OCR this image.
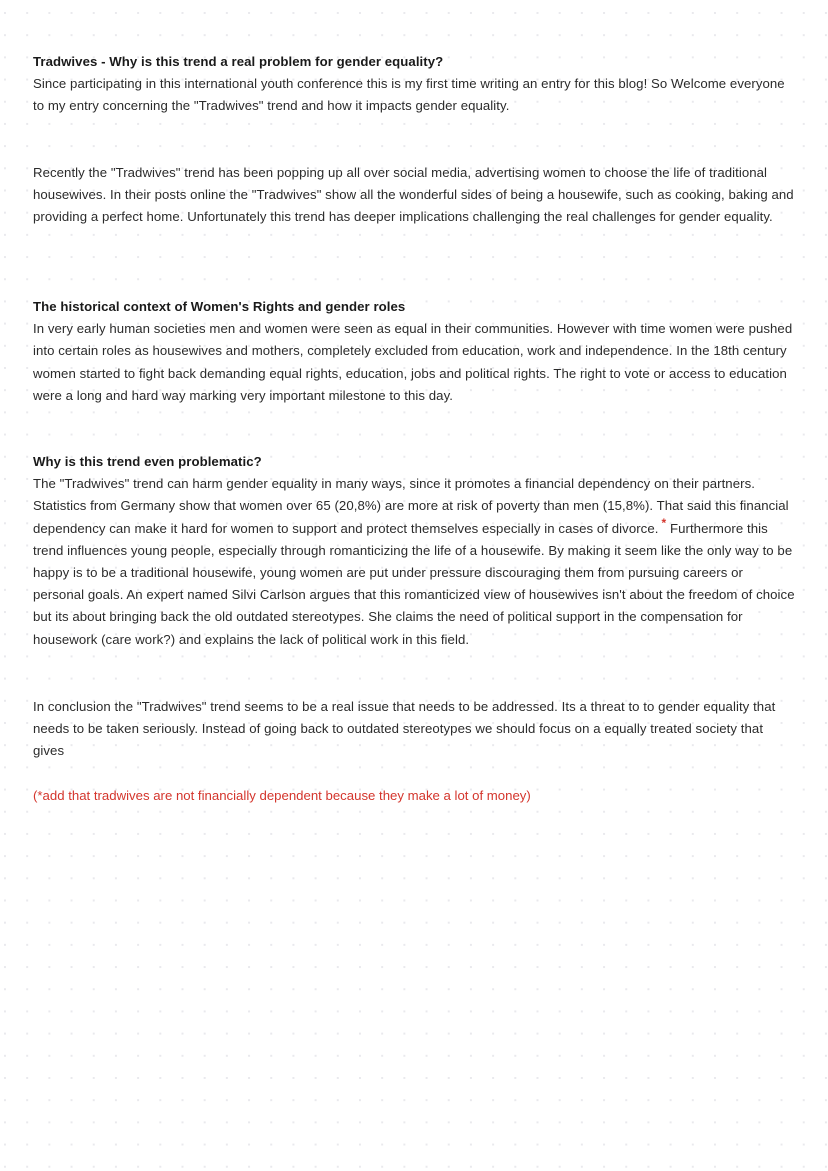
Tradwives - Why is this trend a real problem for gender equality?
Since participating in this international youth conference this is my first time writing an entry for this blog! So Welcome everyone to my entry concerning the "Tradwives" trend and how it impacts gender equality.
Recently the "Tradwives" trend has been popping up all over social media, advertising women to choose the life of traditional housewives. In their posts online the "Tradwives" show all the wonderful sides of being a housewife, such as cooking, baking and providing a perfect home. Unfortunately this trend has deeper implications challenging the real challenges for gender equality.
The historical context of Women's Rights and gender roles
In very early human societies men and women were seen as equal in their communities. However with time women were pushed into certain roles as housewives and mothers, completely excluded from education, work and independence. In the 18th century women started to fight back demanding equal rights, education, jobs and political rights. The right to vote or access to education were a long and hard way marking very important milestone to this day.
Why is this trend even problematic?
The "Tradwives" trend can harm gender equality in many ways, since it promotes a financial dependency on their partners. Statistics from Germany show that women over 65 (20,8%) are more at risk of poverty than men (15,8%). That said this financial dependency can make it hard for women to support and protect themselves especially in cases of divorce. * Furthermore this trend influences young people, especially through romanticizing the life of a housewife. By making it seem like the only way to be happy is to be a traditional housewife, young women are put under pressure discouraging them from pursuing careers or personal goals. An expert named Silvi Carlson argues that this romanticized view of housewives isn't about the freedom of choice but its about bringing back the old outdated stereotypes. She claims the need of political support in the compensation for housework (care work?) and explains the lack of political work in this field.
In conclusion the "Tradwives" trend seems to be a real issue that needs to be addressed. Its a threat to to gender equality that needs to be taken seriously. Instead of going back to outdated stereotypes we should focus on a equally treated society that gives
(*add that tradwives are not financially dependent because they make a lot of money)
